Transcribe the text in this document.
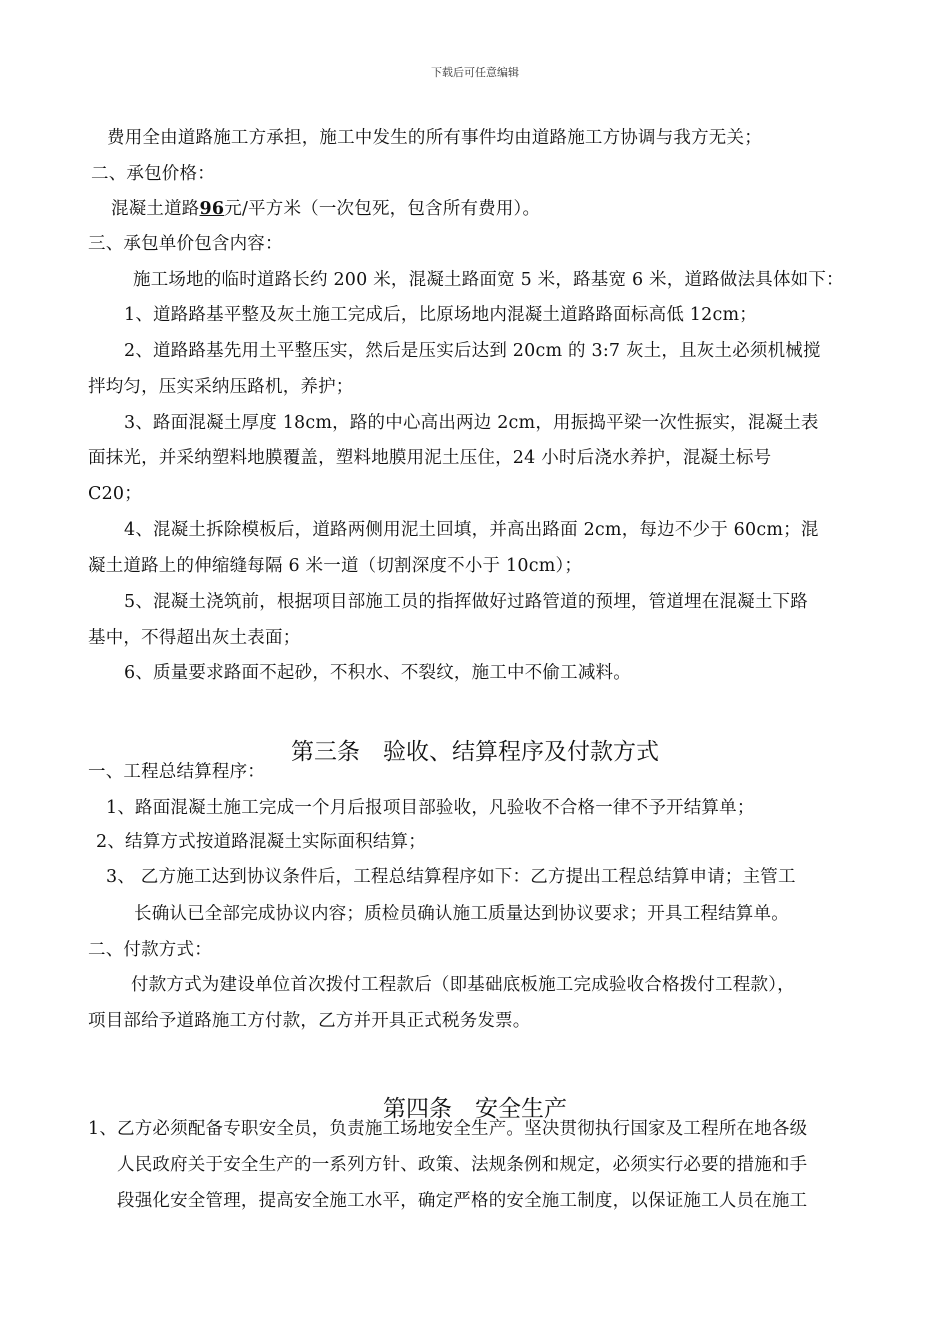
下载后可任意编辑
费用全由道路施工方承担，施工中发生的所有事件均由道路施工方协调与我方无关；
二、承包价格：
混凝土道路96元/平方米（一次包死，包含所有费用）。
三、承包单价包含内容：
施工场地的临时道路长约 200 米，混凝土路面宽 5 米，路基宽 6 米，道路做法具体如下：
1、道路路基平整及灰土施工完成后，比原场地内混凝土道路路面标高低 12cm；
2、道路路基先用土平整压实，然后是压实后达到 20cm 的 3:7 灰土，且灰土必须机械搅
拌均匀，压实采纳压路机，养护；
3、路面混凝土厚度 18cm，路的中心高出两边 2cm，用振捣平梁一次性振实，混凝土表
面抹光，并采纳塑料地膜覆盖，塑料地膜用泥土压住，24 小时后浇水养护，混凝土标号
C20；
4、混凝土拆除模板后，道路两侧用泥土回填，并高出路面 2cm，每边不少于 60cm；混
凝土道路上的伸缩缝每隔 6 米一道（切割深度不小于 10cm）；
5、混凝土浇筑前，根据项目部施工员的指挥做好过路管道的预埋，管道埋在混凝土下路
基中，不得超出灰土表面；
6、质量要求路面不起砂，不积水、不裂纹，施工中不偷工减料。
第三条　验收、结算程序及付款方式
一、工程总结算程序：
1、路面混凝土施工完成一个月后报项目部验收，凡验收不合格一律不予开结算单；
2、结算方式按道路混凝土实际面积结算；
3、 乙方施工达到协议条件后，工程总结算程序如下：乙方提出工程总结算申请；主管工
长确认已全部完成协议内容；质检员确认施工质量达到协议要求；开具工程结算单。
二、付款方式：
付款方式为建设单位首次拨付工程款后（即基础底板施工完成验收合格拨付工程款），
项目部给予道路施工方付款，乙方并开具正式税务发票。
第四条　安全生产
1、乙方必须配备专职安全员，负责施工场地安全生产。坚决贯彻执行国家及工程所在地各级
人民政府关于安全生产的一系列方针、政策、法规条例和规定，必须实行必要的措施和手
段强化安全管理，提高安全施工水平，确定严格的安全施工制度，以保证施工人员在施工
